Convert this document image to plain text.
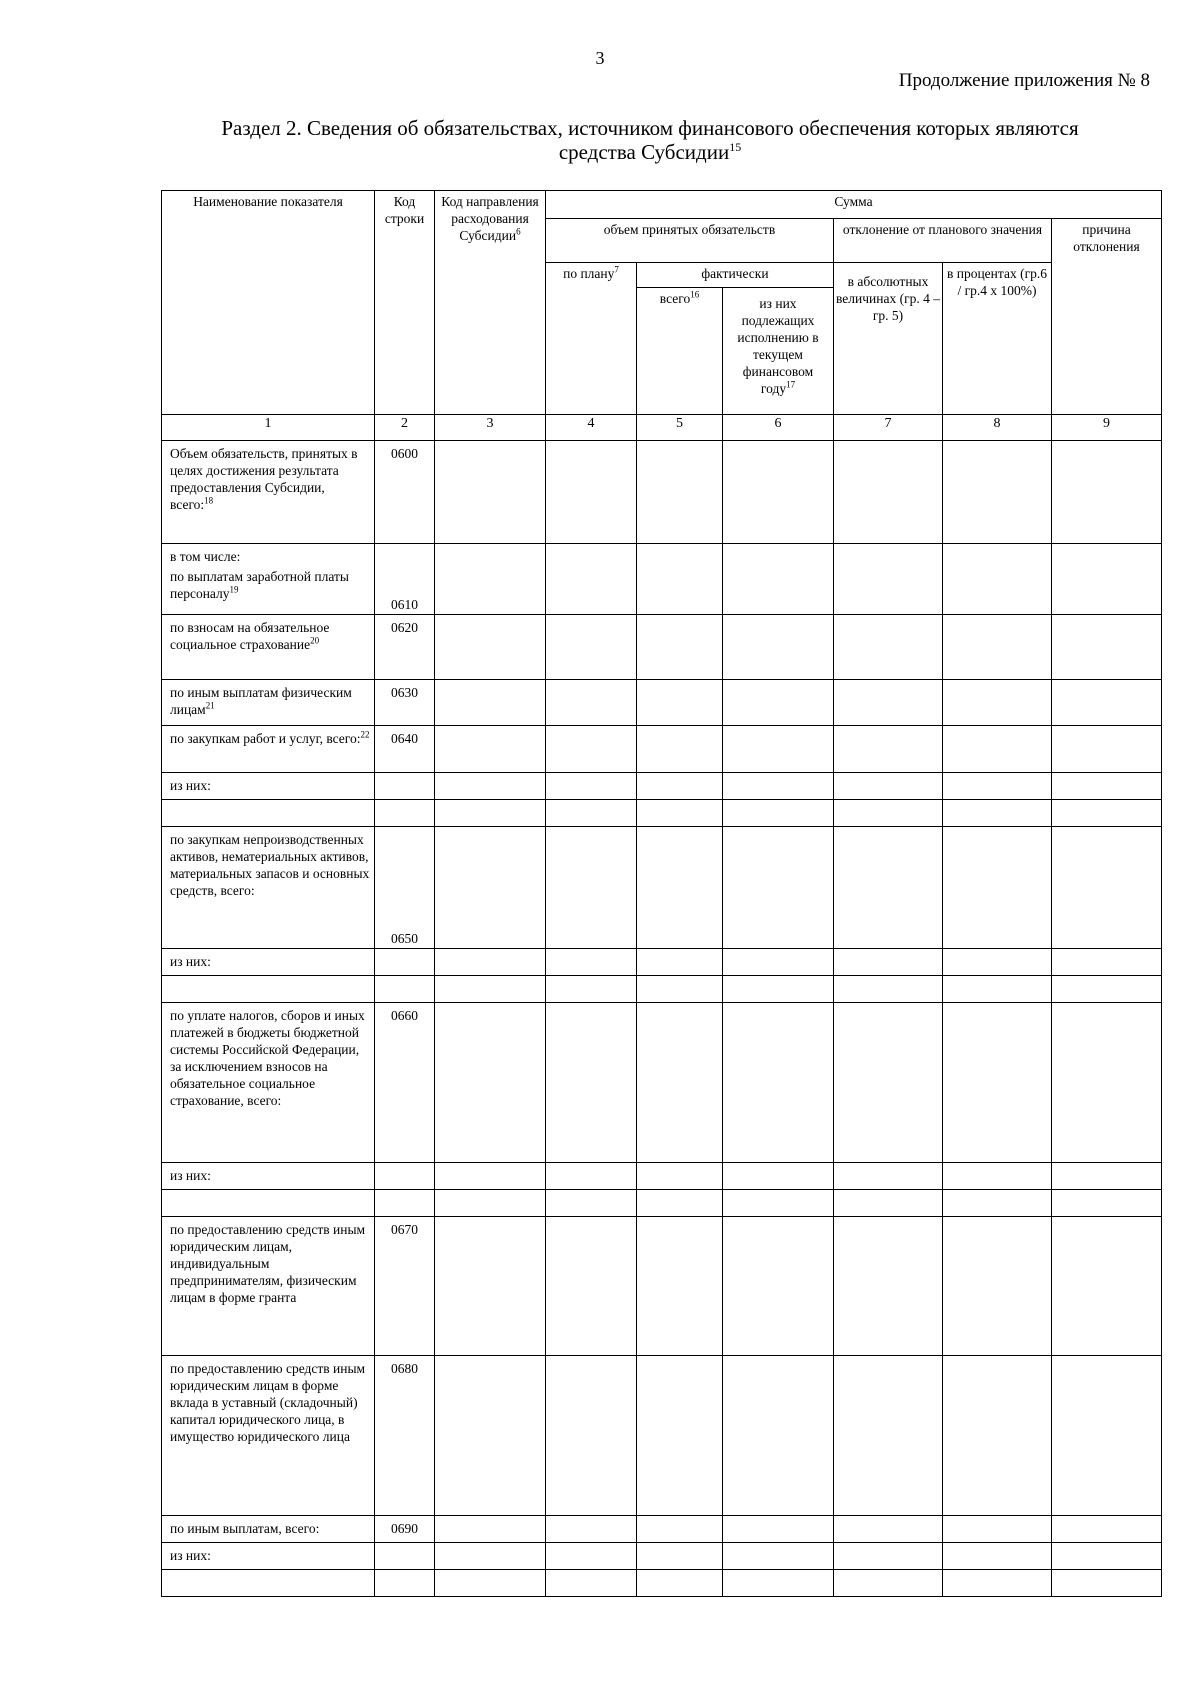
3
Продолжение приложения № 8
Раздел 2. Сведения об обязательствах, источником финансового обеспечения которых являются
средства Субсидии$^{15}$
Наименование показателя	Код строки	Код направления расходования Субсидии$^6$	Сумма					
			объем принятых обязательств			отклонение от планового значения		причина отклонения
			по плану$^7$	фактически		в абсолютных величинах (гр. 4 – гр. 5)	в процентах (гр.6 / гр.4 х 100%)	
				всего$^{16}$	из них подлежащих исполнению в текущем финансовом году$^{17}$
1	2	3	4	5	6	7	8	9
Объем обязательств, принятых в целях достижения результата предоставления Субсидии, всего:$^{18}$	0600							

в том числе:
по выплатам заработной платы персоналу$^{19}$	0610							
по взносам на обязательное социальное страхование$^{20}$	0620							
по иным выплатам физическим лицам$^{21}$	0630							
по закупкам работ и услуг, всего:$^{22}$	0640							
из них:								

по закупкам непроизводственных активов, нематериальных активов, материальных запасов и основных средств, всего:	0650							
из них:								

по уплате налогов, сборов и иных платежей в бюджеты бюджетной системы Российской Федерации, за исключением взносов на обязательное социальное страхование, всего:	0660							
из них:								

по предоставлению средств иным юридическим лицам, индивидуальным предпринимателям, физическим лицам в форме гранта	0670							
по предоставлению средств иным юридическим лицам в форме вклада в уставный (складочный) капитал юридического лица, в имущество юридического лица	0680							
по иным выплатам, всего:	0690							
из них:								
